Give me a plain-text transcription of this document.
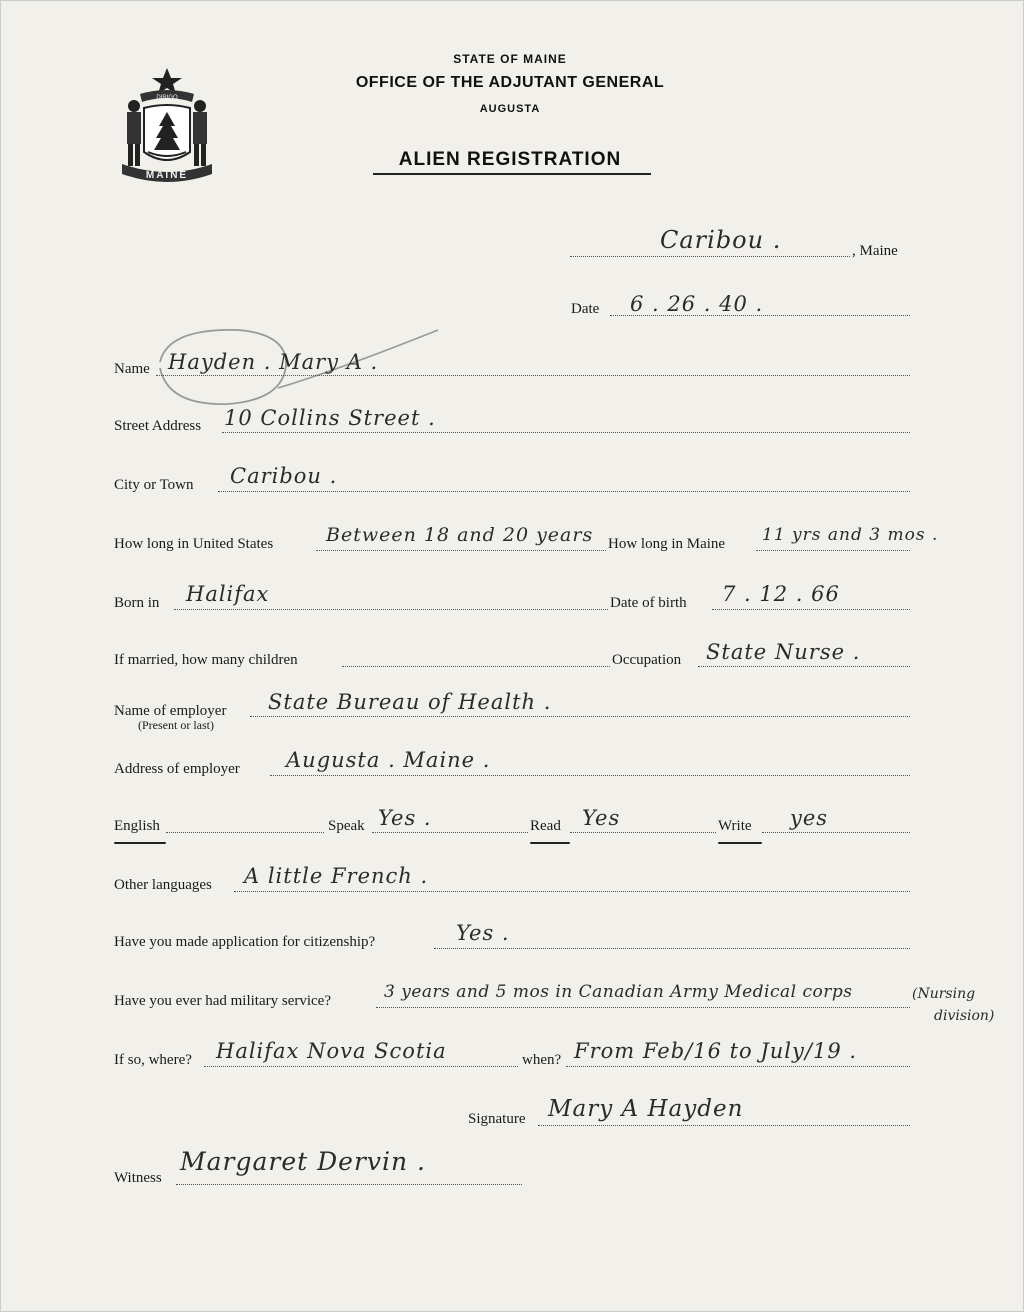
DIRIGO
MAINE
STATE OF MAINE
OFFICE OF THE ADJUTANT GENERAL
AUGUSTA
ALIEN REGISTRATION
Caribou .	, Maine
Date 6 . 26 . 40 .
Name Hayden . Mary A .
Street Address 10 Collins Street .
City or Town Caribou .
How long in United States	Between 18 and 20 years How long in Maine 11 yrs and 3 mos .
Born in Halifax	Date of birth 7 . 12 . 66
If married, how many children	Occupation State Nurse .
Name of employer
(Present or last)
State Bureau of Health .
Address of employer Augusta . Maine .
English	Speak Yes .	Read Yes	Write yes
Other languages A little French .
Have you made application for citizenship?	Yes .
Have you ever had military service?	3 years and 5 mos in Canadian Army Medical corps	(Nursing
division)
If so, where? Halifax Nova Scotia	when? From Feb/16 to July/19 .
Signature Mary A Hayden
Witness
Margaret Dervin .
